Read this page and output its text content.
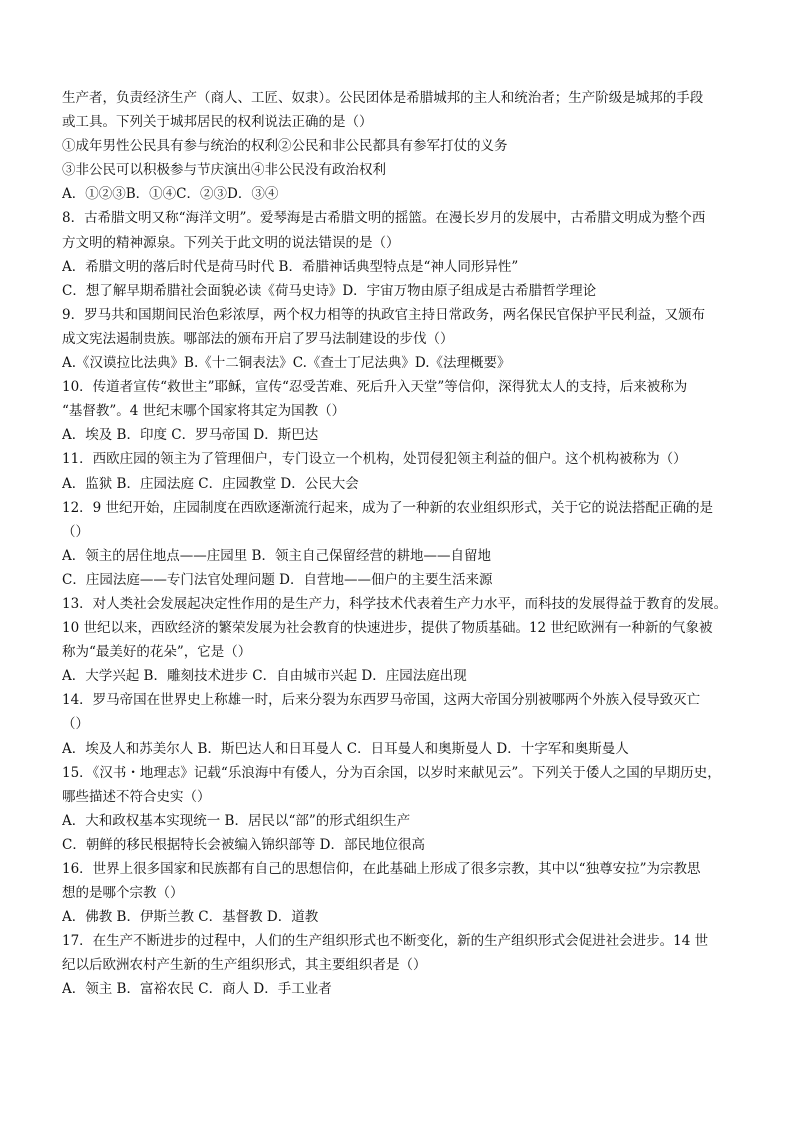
生产者，负责经济生产（商人、工匠、奴隶）。公民团体是希腊城邦的主人和统治者；生产阶级是城邦的手段
或工具。下列关于城邦居民的权利说法正确的是（）
①成年男性公民具有参与统治的权利②公民和非公民都具有参军打仗的义务
③非公民可以积极参与节庆演出④非公民没有政治权利
A．①②③B．①④C．②③D．③④
8．古希腊文明又称“海洋文明”。爱琴海是古希腊文明的摇篮。在漫长岁月的发展中，古希腊文明成为整个西
方文明的精神源泉。下列关于此文明的说法错误的是（）
A．希腊文明的落后时代是荷马时代 B．希腊神话典型特点是“神人同形异性”
C．想了解早期希腊社会面貌必读《荷马史诗》D．宇宙万物由原子组成是古希腊哲学理论
9．罗马共和国期间民治色彩浓厚，两个权力相等的执政官主持日常政务，两名保民官保护平民利益，又颁布
成文宪法遏制贵族。哪部法的颁布开启了罗马法制建设的步伐（）
A.《汉谟拉比法典》B.《十二铜表法》C.《查士丁尼法典》D.《法理概要》
10．传道者宣传“救世主”耶稣，宣传“忍受苦难、死后升入天堂”等信仰，深得犹太人的支持，后来被称为
“基督教”。4 世纪末哪个国家将其定为国教（）
A．埃及 B．印度 C．罗马帝国 D．斯巴达
11．西欧庄园的领主为了管理佃户，专门设立一个机构，处罚侵犯领主利益的佃户。这个机构被称为（）
A．监狱 B．庄园法庭 C．庄园教堂 D．公民大会
12．9 世纪开始，庄园制度在西欧逐渐流行起来，成为了一种新的农业组织形式，关于它的说法搭配正确的是
（）
A．领主的居住地点——庄园里 B．领主自己保留经营的耕地——自留地
C．庄园法庭——专门法官处理问题 D．自营地——佃户的主要生活来源
13．对人类社会发展起决定性作用的是生产力，科学技术代表着生产力水平，而科技的发展得益于教育的发展。
10 世纪以来，西欧经济的繁荣发展为社会教育的快速进步，提供了物质基础。12 世纪欧洲有一种新的气象被
称为“最美好的花朵”，它是（）
A．大学兴起 B．雕刻技术进步 C．自由城市兴起 D．庄园法庭出现
14．罗马帝国在世界史上称雄一时，后来分裂为东西罗马帝国，这两大帝国分别被哪两个外族入侵导致灭亡
（）
A．埃及人和苏美尔人 B．斯巴达人和日耳曼人 C．日耳曼人和奥斯曼人 D．十字军和奥斯曼人
15．《汉书・地理志》记载“乐浪海中有倭人，分为百余国，以岁时来献见云”。下列关于倭人之国的早期历史，
哪些描述不符合史实（）
A．大和政权基本实现统一 B．居民以“部”的形式组织生产
C．朝鲜的移民根据特长会被编入锦织部等 D．部民地位很高
16．世界上很多国家和民族都有自己的思想信仰，在此基础上形成了很多宗教，其中以“独尊安拉”为宗教思
想的是哪个宗教（）
A．佛教 B．伊斯兰教 C．基督教 D．道教
17．在生产不断进步的过程中，人们的生产组织形式也不断变化，新的生产组织形式会促进社会进步。14 世
纪以后欧洲农村产生新的生产组织形式，其主要组织者是（）
A．领主 B．富裕农民 C．商人 D．手工业者
